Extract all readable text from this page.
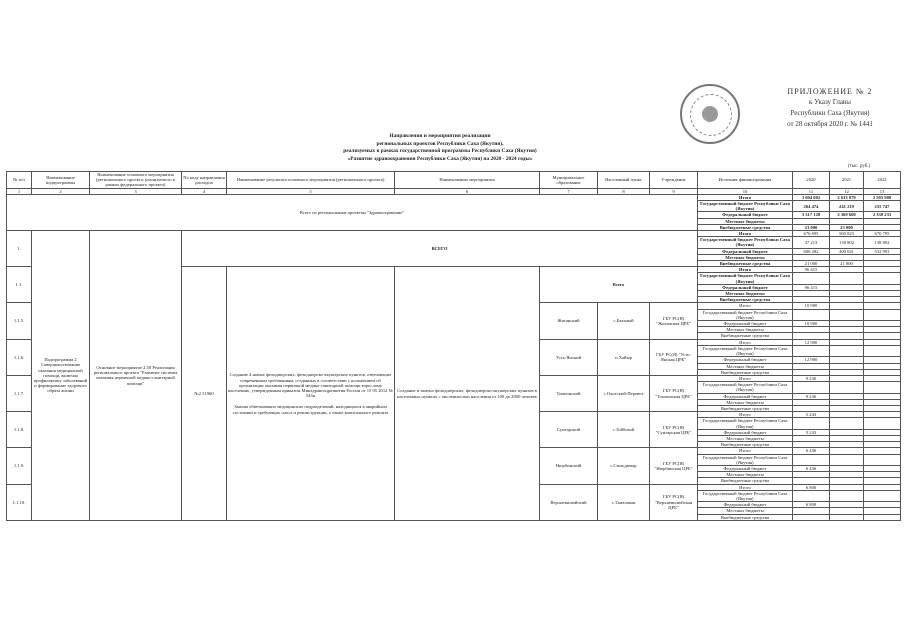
ПРИЛОЖЕНИЕ № 2
к Указу Главы
Республики Саха (Якутия)
от 28 октября 2020 г. № 1441
Направления и мероприятия реализации
региональных проектов Республики Саха (Якутия),
реализуемых в рамках государственной программы Республики Саха (Якутия)
«Развитие здравоохранения Республики Саха (Якутия) на 2020 - 2024 годы»
(тыс. руб.)
№ п/п	Наименование подпрограммы	Наименование основного мероприятия (регионального проекта, реализуемого в рамках федерального проекта)	По коду направления расходов	Наименование результата основного мероприятия (регионального проекта)	Наименование мероприятия	Муниципальное образование	Населенный пункт	Учреждение	Источник финансирования	2020	2021	2022
1	2	3	4	5	6	7	8	9	10	11	12	13
Всего по региональным проектам "Здравоохранение"									Итого	3 604 602	2 633 879	2 585 980
									Государственный бюджет Республики Саха (Якутия)	264 474	241 219	255 747
									Федеральный бюджет	3 317 128	2 369 660	2 330 233
									Местных бюджеты			
									Внебюджетные средства	23 000	23 000	
1.	Подпрограмма 2 Совершенствование оказания медицинской помощи, включая профилактику заболеваний и формирование здорового образа жизни	Основное мероприятие 2.50 Реализация регионального проекта "Развитие системы оказания первичной медико-санитарной помощи"	ВСЕГО						Итого	676 695	560 823	670 795
									Государственный бюджет Республики Саха (Якутия)	47 213	138 802	138 802
									Федеральный бюджет	606 282	400 021	532 993
									Местных бюджеты			
									Внебюджетные средства	21 000	21 000	
1.1.			№2 51960	Создание 4 новых фельдшерских, фельдшерско-акушерских пунктов, отвечающих современным требованиям, созданных в соответствии с положением об организации оказания первичной медико-санитарной помощи взрослому населению, утвержденным приказом Минздравсоцразвития России от 15 05 2012 № 543н
Замена обветшавших медицинских подразделений, находящихся в аварийном состоянии и требующих сноса и реконструкции, а также капитального ремонта	Создание и замена фельдшерских, фельдшерско-акушерских пунктов в населенных пунктах с численностью населения от 100 до 2000 человек	Всего			Итого	96 415		
									Государственный бюджет Республики Саха (Якутия)			
									Федеральный бюджет	96 415		
									Местных бюджеты			
									Внебюджетные средства			
1.1.5.						Жиганский	с.Бахынай	ГБУ РС(Я) "Жиганская ЦРБ"	Итого	10 900		
									Государственный бюджет Республики Саха (Якутия)			
									Федеральный бюджет	10 900		
									Местных бюджеты			
									Внебюджетные средства			
1.1.6.						Усть-Янский	п.Хайыр	ГБУ РС(Я) "Усть-Янская ЦРБ"	Итого	12 900		
									Государственный бюджет Республики Саха (Якутия)			
									Федеральный бюджет	12 900		
									Местных бюджеты			
									Внебюджетные средства			
1.1.7.						Томпонский	с.Охотский-Перевоз	ГБУ РС(Я) "Томпонская ЦРБ"	Итого	9 236		
									Государственный бюджет Республики Саха (Якутия)			
									Федеральный бюджет	9 236		
									Местных бюджеты			
									Внебюджетные средства			
1.1.8.						Сунтарский	с.Тойбохой	ГБУ РС(Я) "Сунтарская ЦРБ"	Итого	5 243		
									Государственный бюджет Республики Саха (Якутия)			
									Федеральный бюджет	5 243		
									Местных бюджеты			
									Внебюджетные средства			
1.1.9.						Нюрбинский	с.Сюльдюкар	ГБУ РС(Я) "Нюрбинская ЦРБ"	Итого	6 436		
									Государственный бюджет Республики Саха (Якутия)			
									Федеральный бюджет	6 436		
									Местных бюджеты			
									Внебюджетные средства			
1.1.10.						Верхневилюйский	с.Тамалакан	ГБУ РС(Я) "Верхневилюйская ЦРБ"	Итого	6 800		
									Государственный бюджет Республики Саха (Якутия)			
									Федеральный бюджет	6 800		
									Местных бюджеты			
									Внебюджетные средства			
